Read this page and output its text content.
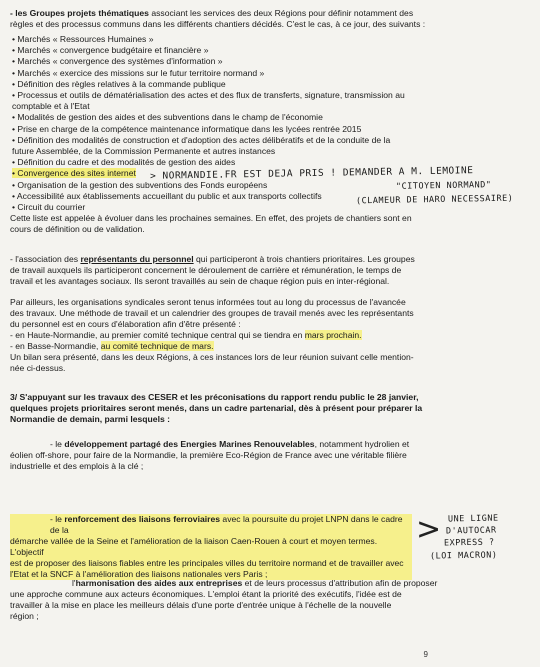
- les Groupes projets thématiques associant les services des deux Régions pour définir notamment des

règles et des processus communs dans les différents chantiers décidés. C'est le cas, à ce jour, des suivants :

• Marchés « Ressources Humaines »
• Marchés « convergence budgétaire et financière »
• Marchés « convergence des systèmes d'information »
• Marchés « exercice des missions sur le futur territoire normand »
• Définition des règles relatives à la commande publique
• Processus et outils de dématérialisation des actes et des flux de transferts, signature, transmission au
comptable et à l'Etat
• Modalités de gestion des aides et des subventions dans le champ de l'économie
• Prise en charge de la compétence maintenance informatique dans les lycées rentrée 2015
• Définition des modalités de construction et d'adoption des actes délibératifs et de la conduite de la
future Assemblée, de la Commission Permanente et autres instances
• Définition du cadre et des modalités de gestion des aides
• Convergence des sites internet
• Organisation de la gestion des subventions des Fonds européens
• Accessibilité aux établissements accueillant du public et aux transports collectifs
• Circuit du courrier

Cette liste est appelée à évoluer dans les prochaines semaines. En effet, des projets de chantiers sont en

cours de définition ou de validation.

- l'association des représentants du personnel qui participeront à trois chantiers prioritaires. Les groupes

de travail auxquels ils participeront concernent le déroulement de carrière et rémunération, le temps de

travail et les avantages sociaux. Ils seront travaillés au sein de chaque région puis en inter-régional.

Par ailleurs, les organisations syndicales seront tenus informées tout au long du processus de l'avancée

des travaux. Une méthode de travail et un calendrier des groupes de travail menés avec les représentants

du personnel est en cours d'élaboration afin d'être présenté :

- en Haute-Normandie, au premier comité technique central qui se tiendra en mars prochain.

- en Basse-Normandie, au comité technique de mars.

Un bilan sera présenté, dans les deux Régions, à ces instances lors de leur réunion suivant celle mention-

née ci-dessus.

3/ S'appuyant sur les travaux des CESER et les préconisations du rapport rendu public le 28 janvier,

quelques projets prioritaires seront menés, dans un cadre partenarial, dès à présent pour préparer la

Normandie de demain, parmi lesquels :

- le développement partagé des Energies Marines Renouvelables, notamment hydrolien et

éolien off-shore, pour faire de la Normandie, la première Eco-Région de France avec une véritable filière

industrielle et des emplois à la clé ;

- le renforcement des liaisons ferroviaires avec la poursuite du projet LNPN dans le cadre de la

démarche vallée de la Seine et l'amélioration de la liaison Caen-Rouen à court et moyen termes. L'objectif

est de proposer des liaisons fiables entre les principales villes du territoire normand et de travailler avec

l'Etat et la SNCF à l'amélioration des liaisons nationales vers Paris ;

l'harmonisation des aides aux entreprises et de leurs processus d'attribution afin de proposer

une approche commune aux acteurs économiques. L'emploi étant la priorité des exécutifs, l'idée est de

travailler à la mise en place les meilleurs délais d'une porte d'entrée unique à l'échelle de la nouvelle

région ;

> NORMANDIE.FR EST DEJA PRIS ! DEMANDER A M. LEMOINE
"CITOYEN NORMAND"
(CLAMEUR DE HARO NECESSAIRE)
> UNE LIGNE
D'AUTOCAR
EXPRESS ?
(LOI MACRON)
9
